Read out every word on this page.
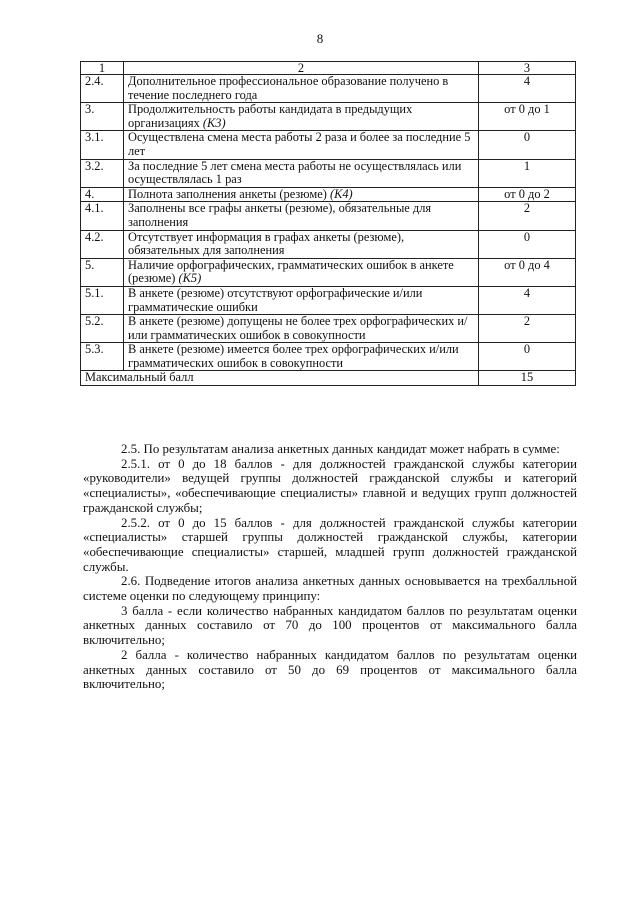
8
1	2	3
2.4.	Дополнительное профессиональное образование получено в течение последнего года	4
3.	Продолжительность работы кандидата в предыдущих организациях (К3)	от 0 до 1
3.1.	Осуществлена смена места работы 2 раза и более за последние 5 лет	0
3.2.	За последние 5 лет смена места работы не осуществлялась или осуществлялась 1 раз	1
4.	Полнота заполнения анкеты (резюме) (К4)	от 0 до 2
4.1.	Заполнены все графы анкеты (резюме), обязательные для заполнения	2
4.2.	Отсутствует информация в графах анкеты (резюме), обязательных для заполнения	0
5.	Наличие орфографических, грамматических ошибок в анкете (резюме) (К5)	от 0 до 4
5.1.	В анкете (резюме) отсутствуют орфографические и/или грамматические ошибки	4
5.2.	В анкете (резюме) допущены не более трех орфографических и/или грамматических ошибок в совокупности	2
5.3.	В анкете (резюме) имеется более трех орфографических и/или грамматических ошибок в совокупности	0
Максимальный балл		15

2.5. По результатам анализа анкетных данных кандидат может набрать в сумме:

2.5.1. от 0 до 18 баллов - для должностей гражданской службы категории «руководители» ведущей группы должностей гражданской службы и категорий «специалисты», «обеспечивающие специалисты» главной и ведущих групп должностей гражданской службы;

2.5.2. от 0 до 15 баллов - для должностей гражданской службы категории «специалисты» старшей группы должностей гражданской службы, категории «обеспечивающие специалисты» старшей, младшей групп должностей гражданской службы.

2.6. Подведение итогов анализа анкетных данных основывается на трехбалльной системе оценки по следующему принципу:

3 балла - если количество набранных кандидатом баллов по результатам оценки анкетных данных составило от 70 до 100 процентов от максимального балла включительно;

2 балла - количество набранных кандидатом баллов по результатам оценки анкетных данных составило от 50 до 69 процентов от максимального балла включительно;
